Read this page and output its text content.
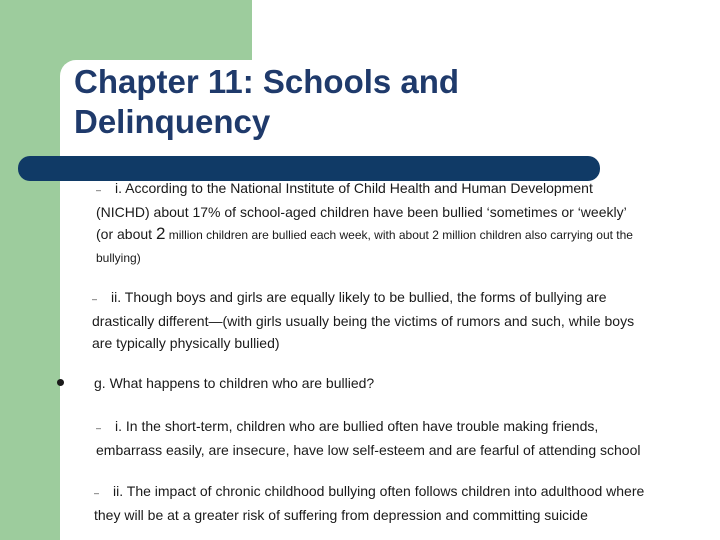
Chapter 11: Schools and
Delinquency

– i. According to the National Institute of Child Health and Human Development
(NICHD) about 17% of school-aged children have been bullied ‘sometimes or ‘weekly’
(or about 2 million children are bullied each week, with about 2 million children also carrying out the
bullying)

– ii. Though boys and girls are equally likely to be bullied, the forms of bullying are
drastically different—(with girls usually being the victims of rumors and such, while boys
are typically physically bullied)

g. What happens to children who are bullied?

– i. In the short-term, children who are bullied often have trouble making friends,
embarrass easily, are insecure, have low self-esteem and are fearful of attending school

– ii. The impact of chronic childhood bullying often follows children into adulthood where
they will be at a greater risk of suffering from depression and committing suicide
